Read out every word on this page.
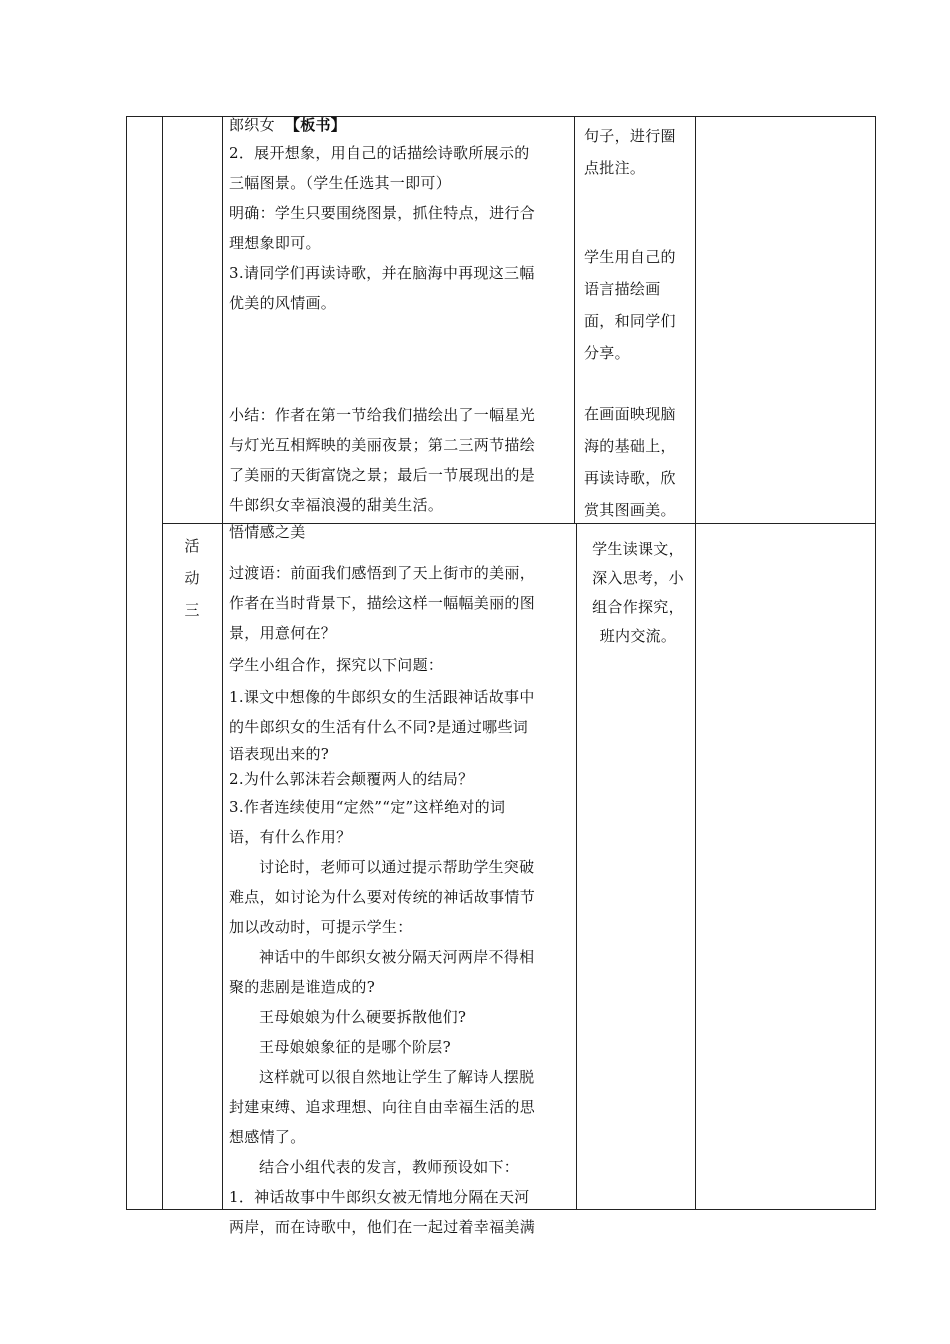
郎织女 【板书】

2．展开想象，用自己的话描绘诗歌所展示的

三幅图景。（学生任选其一即可）

明确：学生只要围绕图景，抓住特点，进行合

理想象即可。

3.请同学们再读诗歌，并在脑海中再现这三幅

优美的风情画。

小结：作者在第一节给我们描绘出了一幅星光

与灯光互相辉映的美丽夜景；第二三两节描绘

了美丽的天街富饶之景；最后一节展现出的是

牛郎织女幸福浪漫的甜美生活。

句子，进行圈

点批注。

学生用自己的

语言描绘画

面，和同学们

分享。

在画面映现脑

海的基础上，

再读诗歌，欣

赏其图画美。

活
动
三

悟情感之美

过渡语：前面我们感悟到了天上街市的美丽，

作者在当时背景下，描绘这样一幅幅美丽的图

景，用意何在？

学生小组合作，探究以下问题：

1.课文中想像的牛郎织女的生活跟神话故事中

的牛郎织女的生活有什么不同?是通过哪些词

语表现出来的?

2.为什么郭沫若会颠覆两人的结局？

3.作者连续使用“定然”“定”这样绝对的词

语，有什么作用？

讨论时，老师可以通过提示帮助学生突破

难点，如讨论为什么要对传统的神话故事情节

加以改动时，可提示学生：

神话中的牛郎织女被分隔天河两岸不得相

聚的悲剧是谁造成的?

王母娘娘为什么硬要拆散他们?

王母娘娘象征的是哪个阶层?

这样就可以很自然地让学生了解诗人摆脱

封建束缚、追求理想、向往自由幸福生活的思

想感情了。

结合小组代表的发言，教师预设如下：

1．神话故事中牛郎织女被无情地分隔在天河

两岸，而在诗歌中，他们在一起过着幸福美满

学生读课文，

深入思考，小

组合作探究，

班内交流。
